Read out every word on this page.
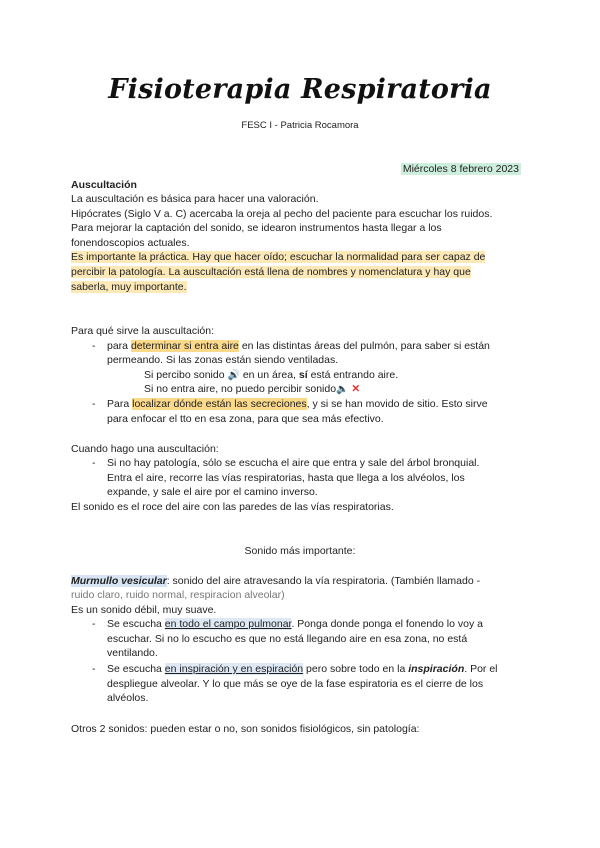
Fisioterapia Respiratoria
FESC I - Patricia Rocamora
Miércoles 8 febrero 2023
Auscultación
La auscultación es básica para hacer una valoración.
Hipócrates (Siglo V a. C) acercaba la oreja al pecho del paciente para escuchar los ruidos.
Para mejorar la captación del sonido, se idearon instrumentos hasta llegar a los
fonendoscopios actuales.
Es importante la práctica. Hay que hacer oído; escuchar la normalidad para ser capaz de
percibir la patología. La auscultación está llena de nombres y nomenclatura y hay que
saberla, muy importante.
Para qué sirve la auscultación:
- para determinar si entra aire en las distintas áreas del pulmón, para saber si están
permeando. Si las zonas están siendo ventiladas.
Si percibo sonido 🔊 en un área, sí está entrando aire.
Si no entra aire, no puedo percibir sonido🔈 ✕
- Para localizar dónde están las secreciones, y si se han movido de sitio. Esto sirve
para enfocar el tto en esa zona, para que sea más efectivo.
Cuando hago una auscultación:
- Si no hay patología, sólo se escucha el aire que entra y sale del árbol bronquial.
Entra el aire, recorre las vías respiratorias, hasta que llega a los alvéolos, los
expande, y sale el aire por el camino inverso.
El sonido es el roce del aire con las paredes de las vías respiratorias.
Sonido más importante:
Murmullo vesicular: sonido del aire atravesando la vía respiratoria. (También llamado -
ruido claro, ruido normal, respiracion alveolar)
Es un sonido débil, muy suave.
- Se escucha en todo el campo pulmonar. Ponga donde ponga el fonendo lo voy a
escuchar. Si no lo escucho es que no está llegando aire en esa zona, no está
ventilando.
- Se escucha en inspiración y en espiración pero sobre todo en la inspiración. Por el
despliegue alveolar. Y lo que más se oye de la fase espiratoria es el cierre de los
alvéolos.
Otros 2 sonidos: pueden estar o no, son sonidos fisiológicos, sin patología:
